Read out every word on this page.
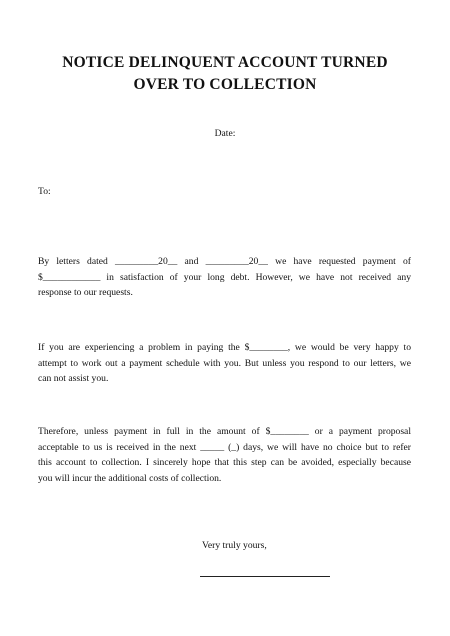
NOTICE DELINQUENT ACCOUNT TURNED
OVER TO COLLECTION
Date:
To:
By letters dated _________20__ and _________20__ we have requested payment of
$____________ in satisfaction of your long debt. However, we have not received any
response to our requests.
If you are experiencing a problem in paying the $________, we would be very happy to
attempt to work out a payment schedule with you. But unless you respond to our letters, we
can not assist you.
Therefore, unless payment in full in the amount of $________ or a payment proposal
acceptable to us is received in the next _____ (_) days, we will have no choice but to refer
this account to collection. I sincerely hope that this step can be avoided, especially because
you will incur the additional costs of collection.
Very truly yours,
